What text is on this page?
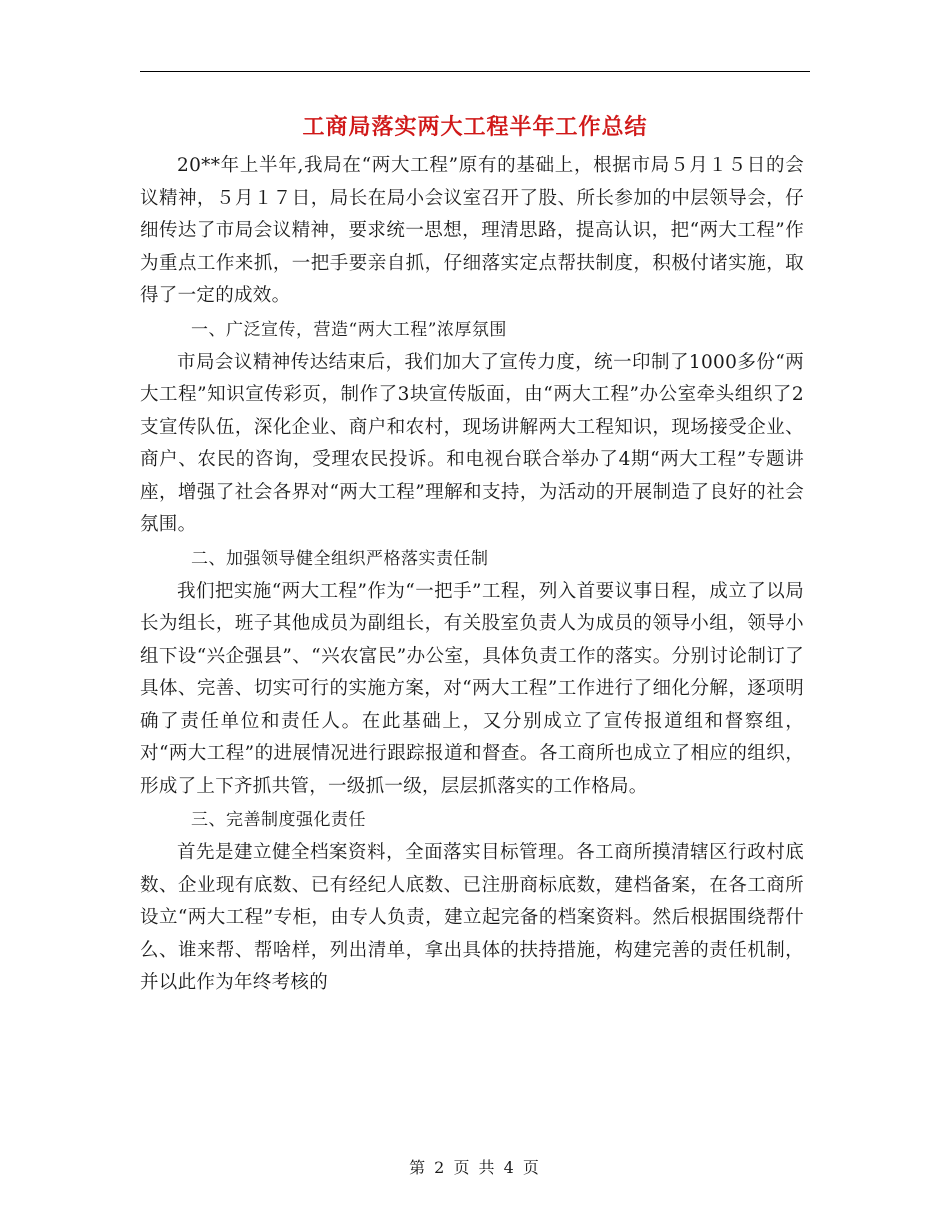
工商局落实两大工程半年工作总结

20**年上半年,我局在“两大工程”原有的基础上，根据市局５月１５日的会议精神，５月１７日，局长在局小会议室召开了股、所长参加的中层领导会，仔细传达了市局会议精神，要求统一思想，理清思路，提高认识，把“两大工程”作为重点工作来抓，一把手要亲自抓，仔细落实定点帮扶制度，积极付诸实施，取得了一定的成效。

一、广泛宣传，营造“两大工程”浓厚氛围

市局会议精神传达结束后，我们加大了宣传力度，统一印制了1000多份“两大工程”知识宣传彩页，制作了3块宣传版面，由“两大工程”办公室牵头组织了2支宣传队伍，深化企业、商户和农村，现场讲解两大工程知识，现场接受企业、商户、农民的咨询，受理农民投诉。和电视台联合举办了4期“两大工程”专题讲座，增强了社会各界对“两大工程”理解和支持，为活动的开展制造了良好的社会氛围。

二、加强领导健全组织严格落实责任制

我们把实施“两大工程”作为“一把手”工程，列入首要议事日程，成立了以局长为组长，班子其他成员为副组长，有关股室负责人为成员的领导小组，领导小组下设“兴企强县”、“兴农富民”办公室，具体负责工作的落实。分别讨论制订了具体、完善、切实可行的实施方案，对“两大工程”工作进行了细化分解，逐项明确了责任单位和责任人。在此基础上，又分别成立了宣传报道组和督察组，对“两大工程”的进展情况进行跟踪报道和督查。各工商所也成立了相应的组织，形成了上下齐抓共管，一级抓一级，层层抓落实的工作格局。

三、完善制度强化责任

首先是建立健全档案资料，全面落实目标管理。各工商所摸清辖区行政村底数、企业现有底数、已有经纪人底数、已注册商标底数，建档备案，在各工商所设立“两大工程”专柜，由专人负责，建立起完备的档案资料。然后根据围绕帮什么、谁来帮、帮啥样，列出清单，拿出具体的扶持措施，构建完善的责任机制，并以此作为年终考核的

第 2 页 共 4 页
